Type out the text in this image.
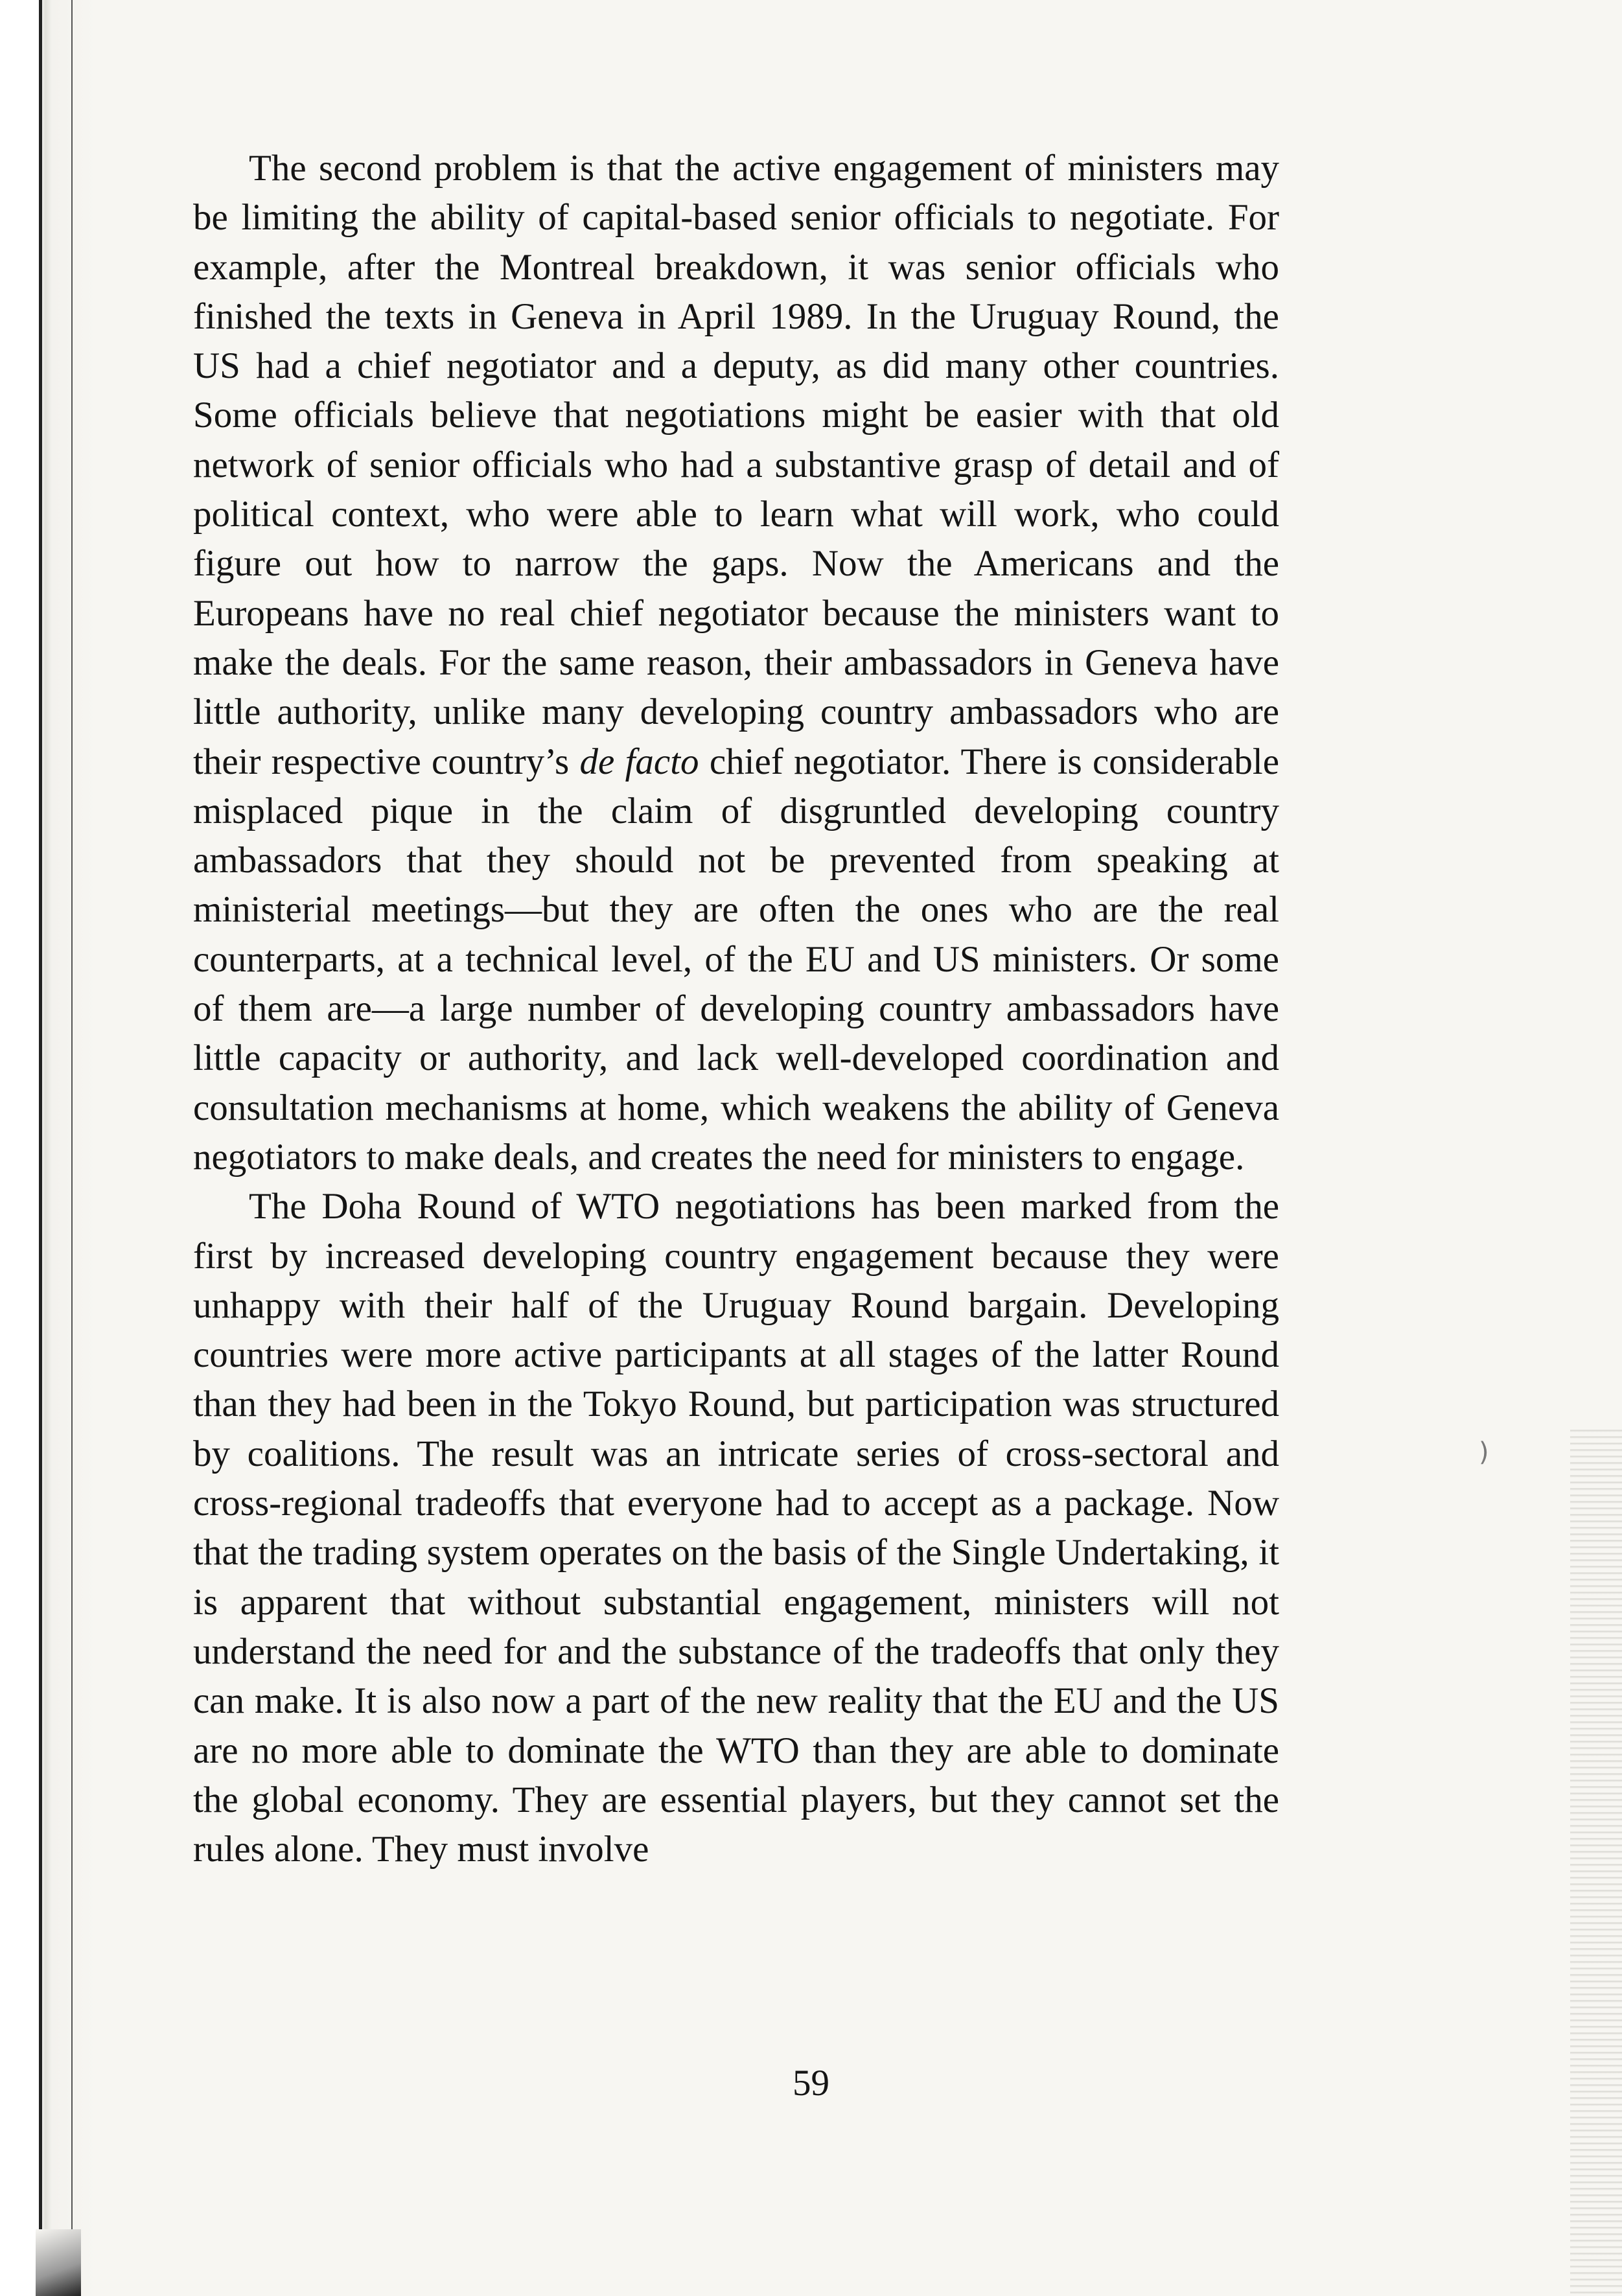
)

The second problem is that the active engagement of ministers may be limiting the ability of capital-based senior officials to negotiate. For example, after the Montreal breakdown, it was senior officials who finished the texts in Geneva in April 1989. In the Uruguay Round, the US had a chief negotiator and a deputy, as did many other countries. Some officials believe that negotiations might be easier with that old network of senior officials who had a substantive grasp of detail and of political context, who were able to learn what will work, who could figure out how to narrow the gaps. Now the Americans and the Europeans have no real chief negotiator because the ministers want to make the deals. For the same reason, their ambassadors in Geneva have little authority, unlike many developing country ambassadors who are their respective country’s de facto chief negotiator. There is considerable misplaced pique in the claim of disgruntled developing country ambassadors that they should not be prevented from speaking at ministerial meetings—but they are often the ones who are the real counterparts, at a technical level, of the EU and US ministers. Or some of them are—a large number of developing country ambassadors have little capacity or authority, and lack well-developed coordination and consultation mechanisms at home, which weakens the ability of Geneva negotiators to make deals, and creates the need for ministers to engage.

The Doha Round of WTO negotiations has been marked from the first by increased developing country engagement because they were unhappy with their half of the Uruguay Round bargain. Developing countries were more active participants at all stages of the latter Round than they had been in the Tokyo Round, but participation was structured by coalitions. The result was an intricate series of cross-sectoral and cross-regional tradeoffs that everyone had to accept as a package. Now that the trading system operates on the basis of the Single Undertaking, it is apparent that without substantial engagement, ministers will not understand the need for and the substance of the tradeoffs that only they can make. It is also now a part of the new reality that the EU and the US are no more able to dominate the WTO than they are able to dominate the global economy. They are essential players, but they cannot set the rules alone. They must involve

59
